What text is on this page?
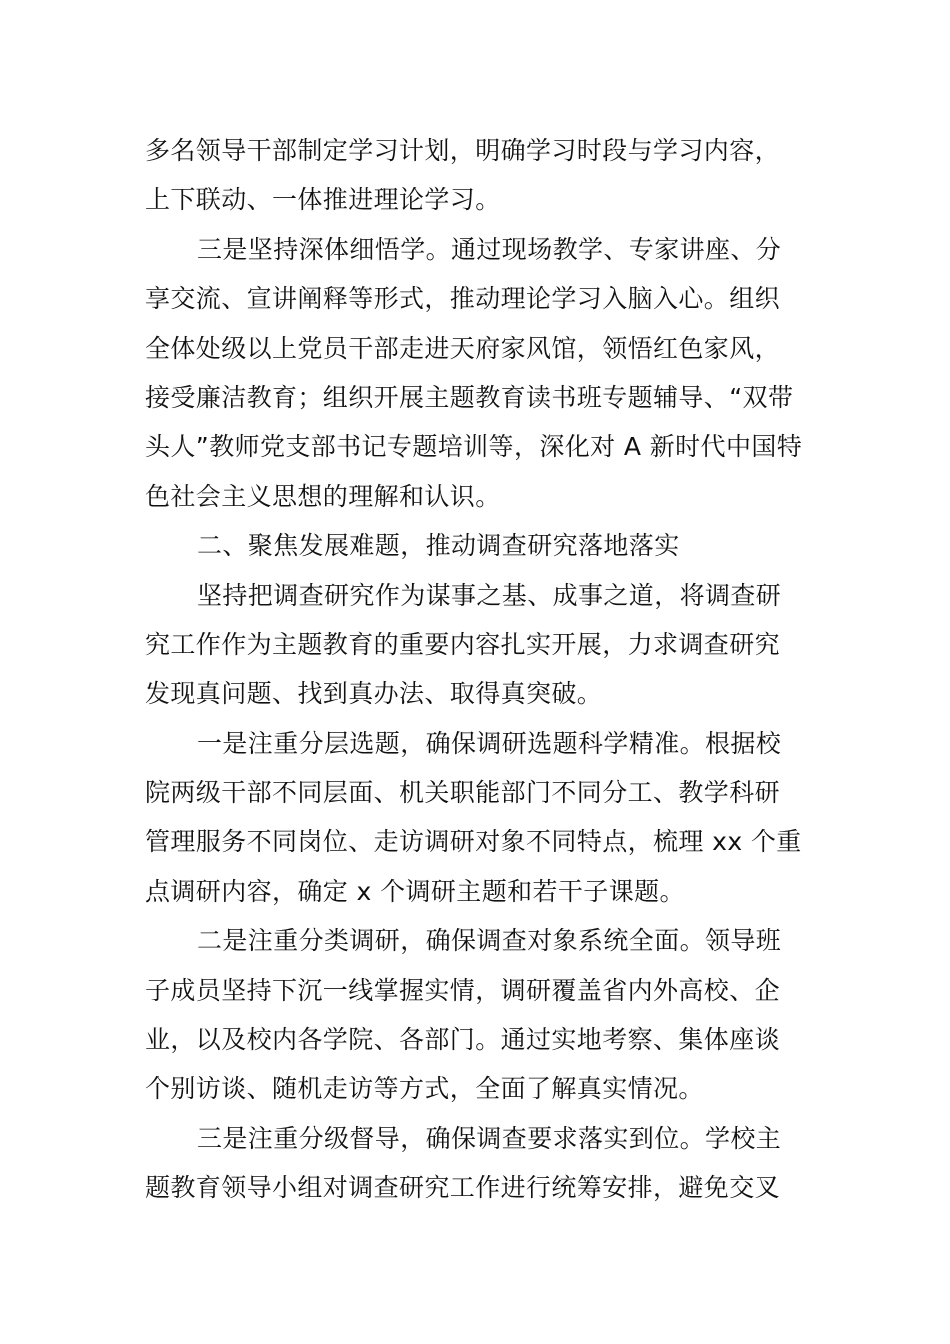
多名领导干部制定学习计划，明确学习时段与学习内容，
上下联动、一体推进理论学习。
三是坚持深体细悟学。通过现场教学、专家讲座、分
享交流、宣讲阐释等形式，推动理论学习入脑入心。组织
全体处级以上党员干部走进天府家风馆，领悟红色家风，
接受廉洁教育；组织开展主题教育读书班专题辅导、“双带
头人”教师党支部书记专题培训等，深化对 A 新时代中国特
色社会主义思想的理解和认识。
二、聚焦发展难题，推动调查研究落地落实
坚持把调查研究作为谋事之基、成事之道，将调查研
究工作作为主题教育的重要内容扎实开展，力求调查研究
发现真问题、找到真办法、取得真突破。
一是注重分层选题，确保调研选题科学精准。根据校
院两级干部不同层面、机关职能部门不同分工、教学科研
管理服务不同岗位、走访调研对象不同特点，梳理 xx 个重
点调研内容，确定 x 个调研主题和若干子课题。
二是注重分类调研，确保调查对象系统全面。领导班
子成员坚持下沉一线掌握实情，调研覆盖省内外高校、企
业，以及校内各学院、各部门。通过实地考察、集体座谈
个别访谈、随机走访等方式，全面了解真实情况。
三是注重分级督导，确保调查要求落实到位。学校主
题教育领导小组对调查研究工作进行统筹安排，避免交叉
